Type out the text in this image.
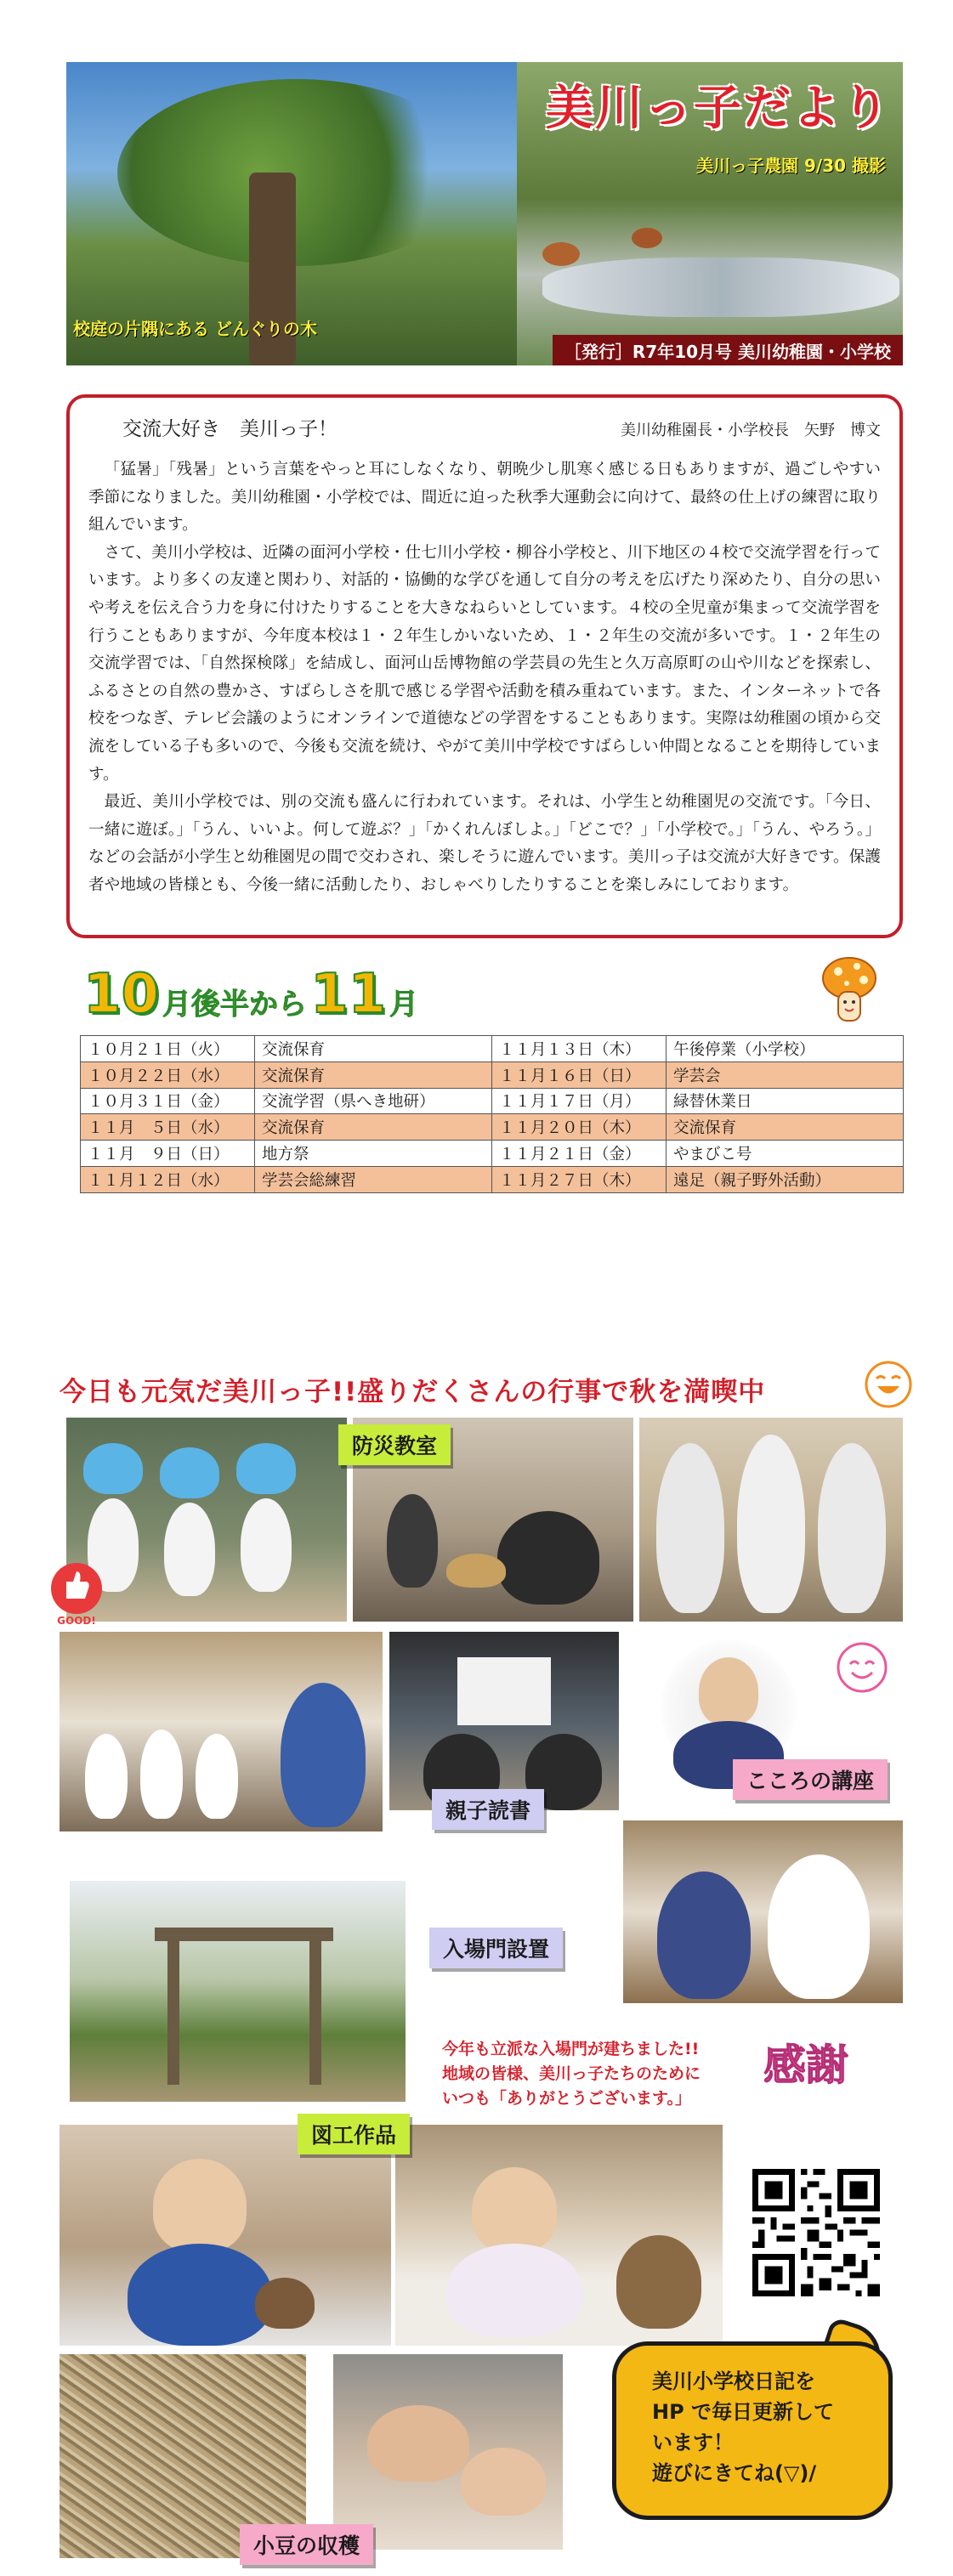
美川っ子だより
美川っ子農園 9/30 撮影
校庭の片隅にある どんぐりの木
［発行］R7年10月号 美川幼稚園・小学校
交流大好き　美川っ子！	美川幼稚園長・小学校長　矢野　博文

「猛暑」「残暑」という言葉をやっと耳にしなくなり、朝晩少し肌寒く感じる日もありますが、過ごしやすい季節になりました。美川幼稚園・小学校では、間近に迫った秋季大運動会に向けて、最終の仕上げの練習に取り組んでいます。

さて、美川小学校は、近隣の面河小学校・仕七川小学校・柳谷小学校と、川下地区の４校で交流学習を行っています。より多くの友達と関わり、対話的・協働的な学びを通して自分の考えを広げたり深めたり、自分の思いや考えを伝え合う力を身に付けたりすることを大きなねらいとしています。４校の全児童が集まって交流学習を行うこともありますが、今年度本校は１・２年生しかいないため、１・２年生の交流が多いです。１・２年生の交流学習では、「自然探検隊」を結成し、面河山岳博物館の学芸員の先生と久万高原町の山や川などを探索し、ふるさとの自然の豊かさ、すばらしさを肌で感じる学習や活動を積み重ねています。また、インターネットで各校をつなぎ、テレビ会議のようにオンラインで道徳などの学習をすることもあります。実際は幼稚園の頃から交流をしている子も多いので、今後も交流を続け、やがて美川中学校ですばらしい仲間となることを期待しています。

最近、美川小学校では、別の交流も盛んに行われています。それは、小学生と幼稚園児の交流です。「今日、一緒に遊ぼ。」「うん、いいよ。何して遊ぶ？」「かくれんぼしよ。」「どこで？」「小学校で。」「うん、やろう。」などの会話が小学生と幼稚園児の間で交わされ、楽しそうに遊んでいます。美川っ子は交流が大好きです。保護者や地域の皆様とも、今後一緒に活動したり、おしゃべりしたりすることを楽しみにしております。

10 月後半から 11 月
１０月２１日（火）	交流保育	１１月１３日（木）	午後停業（小学校）
１０月２２日（水）	交流保育	１１月１６日（日）	学芸会
１０月３１日（金）	交流学習（県へき地研）	１１月１７日（月）	緑替休業日
１１月　５日（水）	交流保育	１１月２０日（木）	交流保育
１１月　９日（日）	地方祭	１１月２１日（金）	やまびこ号
１１月１２日（水）	学芸会総練習	１１月２７日（木）	遠足（親子野外活動）
今日も元気だ美川っ子!!盛りだくさんの行事で秋を満喫中
防災教室
GOOD!
親子読書
こころの講座
入場門設置
今年も立派な入場門が建ちました!!
地域の皆様、美川っ子たちのために
いつも「ありがとうございます。」
感謝
図工作品
小豆の収穫
美川小学校日記を
HP で毎日更新して
います！
遊びにきてね(▽)/
